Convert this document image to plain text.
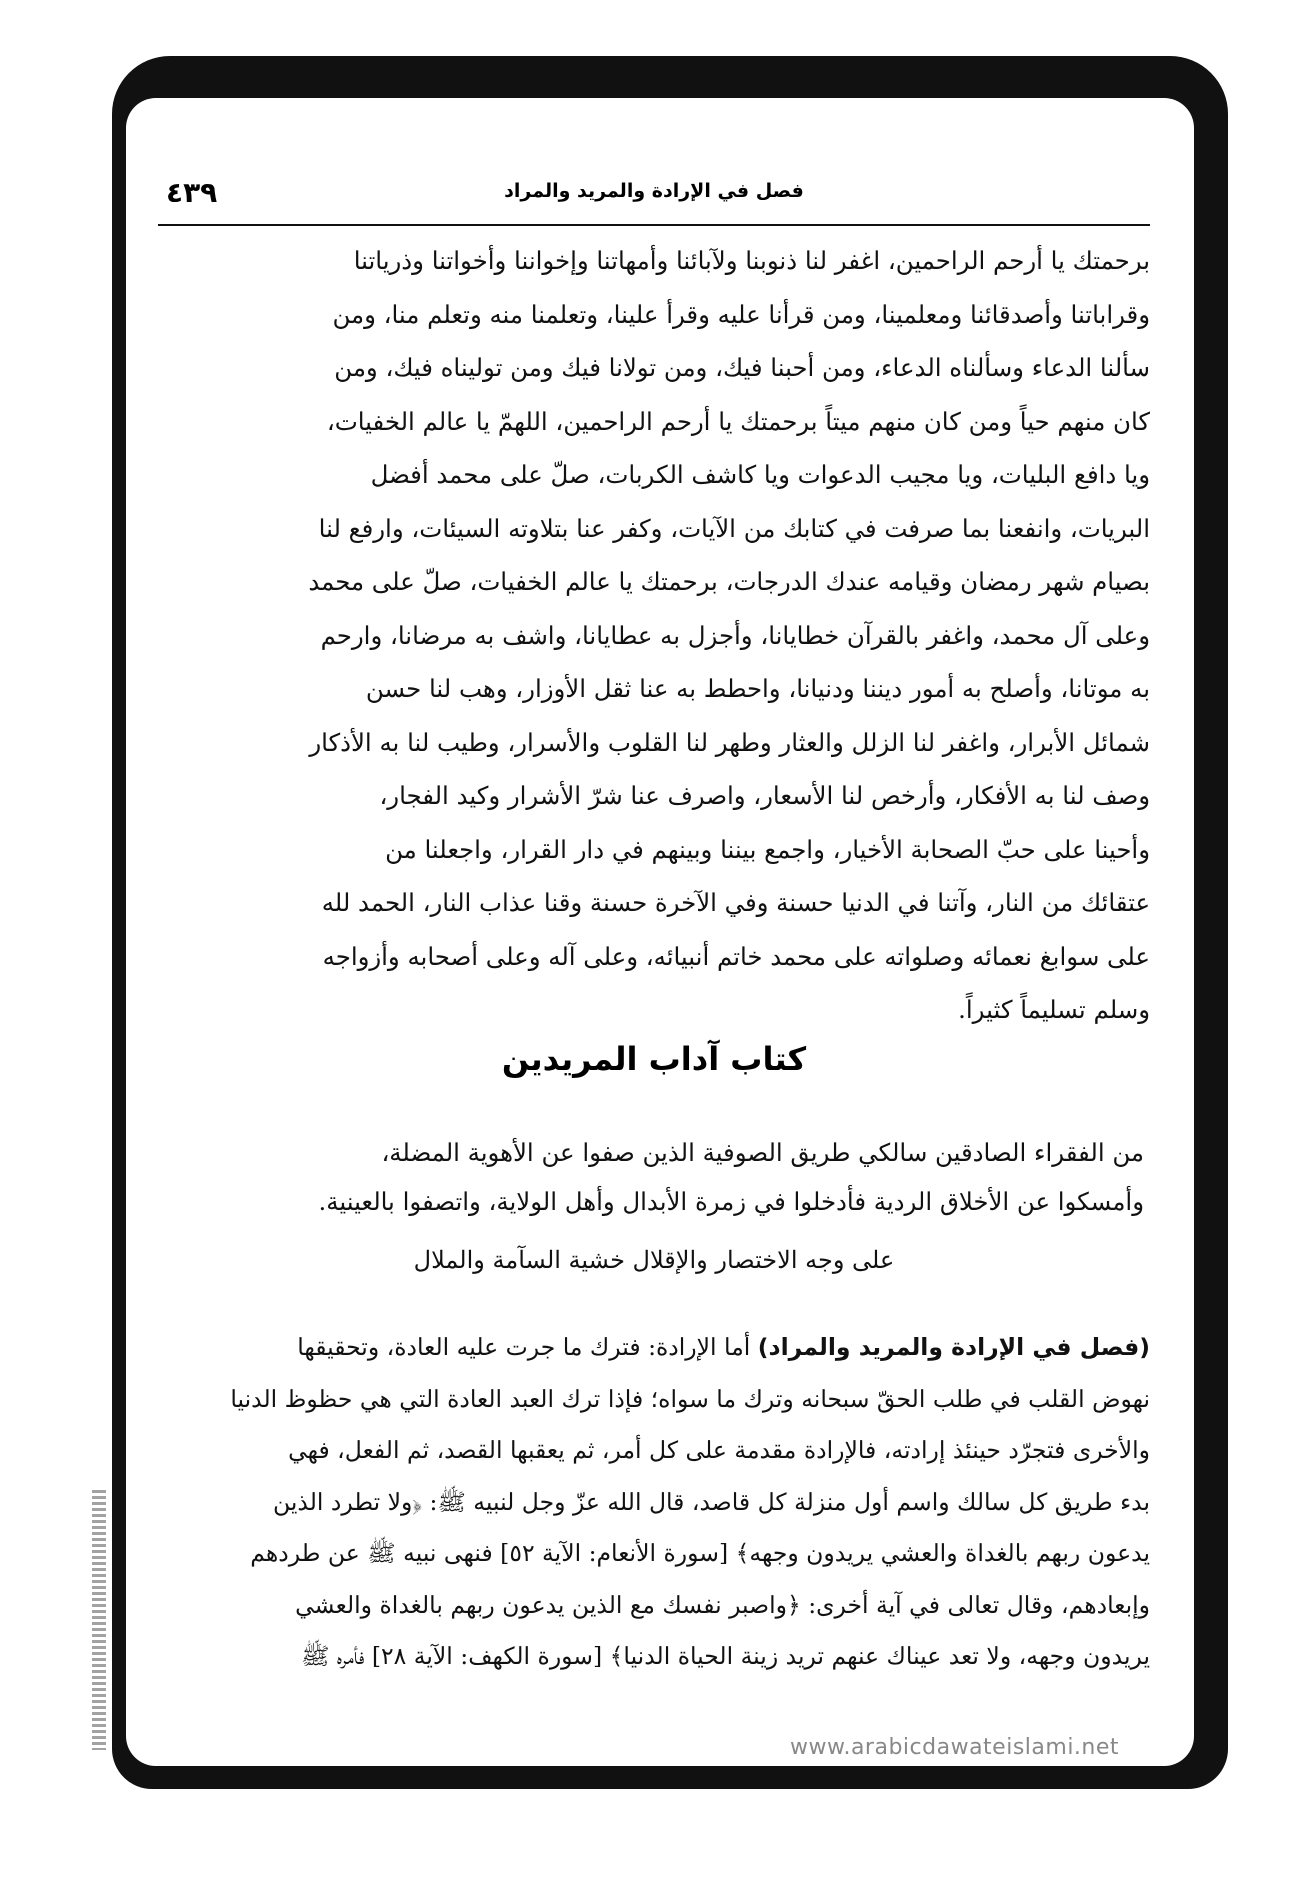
فصل في الإرادة والمريد والمراد
٤٣٩
برحمتك يا أرحم الراحمين، اغفر لنا ذنوبنا ولآبائنا وأمهاتنا وإخواننا وأخواتنا وذرياتنا
وقراباتنا وأصدقائنا ومعلمينا، ومن قرأنا عليه وقرأ علينا، وتعلمنا منه وتعلم منا، ومن
سألنا الدعاء وسألناه الدعاء، ومن أحبنا فيك، ومن تولانا فيك ومن توليناه فيك، ومن
كان منهم حياً ومن كان منهم ميتاً برحمتك يا أرحم الراحمين، اللهمّ يا عالم الخفيات،
ويا دافع البليات، ويا مجيب الدعوات ويا كاشف الكربات، صلّ على محمد أفضل
البريات، وانفعنا بما صرفت في كتابك من الآيات، وكفر عنا بتلاوته السيئات، وارفع لنا
بصيام شهر رمضان وقيامه عندك الدرجات، برحمتك يا عالم الخفيات، صلّ على محمد
وعلى آل محمد، واغفر بالقرآن خطايانا، وأجزل به عطايانا، واشف به مرضانا، وارحم
به موتانا، وأصلح به أمور ديننا ودنيانا، واحطط به عنا ثقل الأوزار، وهب لنا حسن
شمائل الأبرار، واغفر لنا الزلل والعثار وطهر لنا القلوب والأسرار، وطيب لنا به الأذكار
وصف لنا به الأفكار، وأرخص لنا الأسعار، واصرف عنا شرّ الأشرار وكيد الفجار،
وأحينا على حبّ الصحابة الأخيار، واجمع بيننا وبينهم في دار القرار، واجعلنا من
عتقائك من النار، وآتنا في الدنيا حسنة وفي الآخرة حسنة وقنا عذاب النار، الحمد لله
على سوابغ نعمائه وصلواته على محمد خاتم أنبيائه، وعلى آله وعلى أصحابه وأزواجه
وسلم تسليماً كثيراً.
كتاب آداب المريدين
من الفقراء الصادقين سالكي طريق الصوفية الذين صفوا عن الأهوية المضلة،
وأمسكوا عن الأخلاق الردية فأدخلوا في زمرة الأبدال وأهل الولاية، واتصفوا بالعينية.
على وجه الاختصار والإقلال خشية السآمة والملال
(فصل في الإرادة والمريد والمراد) أما الإرادة: فترك ما جرت عليه العادة، وتحقيقها
نهوض القلب في طلب الحقّ سبحانه وترك ما سواه؛ فإذا ترك العبد العادة التي هي حظوظ الدنيا
والأخرى فتجرّد حينئذ إرادته، فالإرادة مقدمة على كل أمر، ثم يعقبها القصد، ثم الفعل، فهي
بدء طريق كل سالك واسم أول منزلة كل قاصد، قال الله عزّ وجل لنبيه ﷺ: ﴿ولا تطرد الذين
يدعون ربهم بالغداة والعشي يريدون وجهه﴾ [سورة الأنعام: الآية ٥٢] فنهى نبيه ﷺ عن طردهم
وإبعادهم، وقال تعالى في آية أخرى: ﴿واصبر نفسك مع الذين يدعون ربهم بالغداة والعشي
يريدون وجهه، ولا تعد عيناك عنهم تريد زينة الحياة الدنيا﴾ [سورة الكهف: الآية ٢٨] فأمره ﷺ
www.arabicdawateislami.net
